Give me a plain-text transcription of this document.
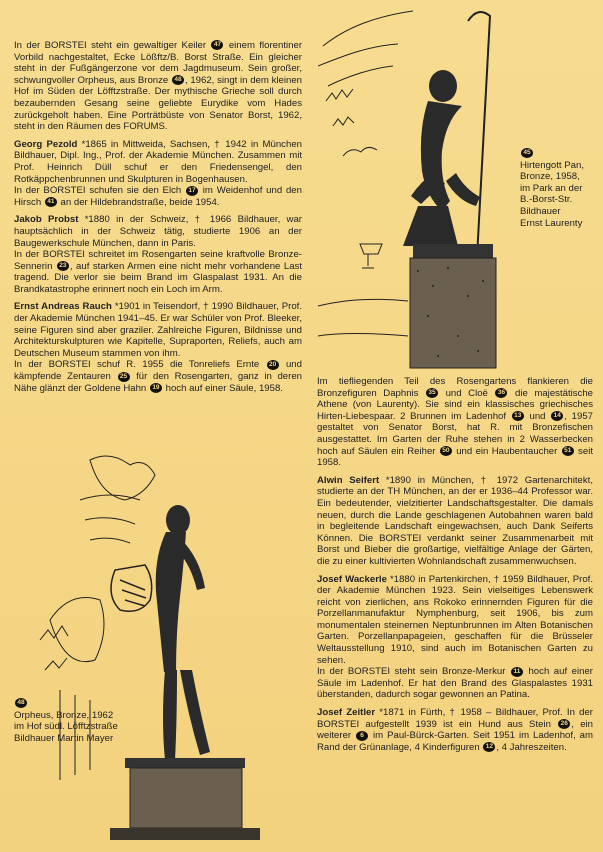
In der BORSTEI steht ein gewaltiger Keiler 47 einem florentiner Vorbild nachgestaltet, Ecke Lößftz/B. Borst Straße. Ein gleicher steht in der Fußgängerzone vor dem Jagdmuseum. Sein großer, schwungvoller Orpheus, aus Bronze 48 , 1962, singt in dem kleinen Hof im Süden der Löfftzstraße. Der mythische Grieche soll durch bezaubernden Gesang seine geliebte Eurydike vom Hades zurückgeholt haben. Eine Porträtbüste von Senator Borst, 1962, steht in den Räumen des FORUMS.

Georg Pezold *1865 in Mittweida, Sachsen, † 1942 in München Bildhauer, Dipl. Ing., Prof. der Akademie München. Zusammen mit Prof. Heinrich Düll schuf er den Friedensengel, den Rotkäppchenbrunnen und Skulpturen in Bogenhausen.
In der BORSTEI schufen sie den Elch 17 im Weidenhof und den Hirsch 41 an der Hildebrandstraße, beide 1954.

Jakob Probst *1880 in der Schweiz, † 1966 Bildhauer, war hauptsächlich in der Schweiz tätig, studierte 1906 an der Baugewerkschule München, dann in Paris.
In der BORSTEI schreitet im Rosengarten seine kraftvolle Bronze-Sennerin 23 , auf starken Armen eine nicht mehr vorhandene Last tragend. Die verlor sie beim Brand im Glaspalast 1931. An die Brandkatastrophe erinnert noch ein Loch im Arm.

Ernst Andreas Rauch *1901 in Teisendorf, † 1990 Bildhauer, Prof. der Akademie München 1941–45. Er war Schüler von Prof. Bleeker, seine Figuren sind aber graziler. Zahlreiche Figuren, Bildnisse und Architekturskulpturen wie Kapitelle, Supraporten, Reliefs, auch am Deutschen Museum stammen von ihm.
In der BORSTEI schuf R. 1955 die Tonreliefs Ernte 20 und kämpfende Zentauren 25 für den Rosengarten, ganz in deren Nähe glänzt der Goldene Hahn 19 hoch auf einer Säule, 1958.

45
Hirtengott Pan,
Bronze, 1958,
im Park an der
B.-Borst-Str.
Bildhauer
Ernst Laurenty
48
Orpheus, Bronze, 1962
im Hof südl. Löfftzstraße
Bildhauer Martin Mayer

Im tiefliegenden Teil des Rosengartens flankieren die Bronzefiguren Daphnis 35 und Cloë 36 die majestätische Athene (von Laurenty). Sie sind ein klassisches griechisches Hirten-Liebespaar. 2 Brunnen im Ladenhof 13 und 14 , 1957 gestaltet von Senator Borst, hat R. mit Bronzefischen ausgestattet. Im Garten der Ruhe stehen in 2 Wasserbecken hoch auf Säulen ein Reiher 50 und ein Haubentaucher 51 seit 1958.

Alwin Seifert *1890 in München, † 1972 Gartenarchitekt, studierte an der TH München, an der er 1936–44 Professor war. Ein bedeutender, vielzitierter Landschaftsgestalter. Die damals neuen, durch die Lande geschlagenen Autobahnen waren bald in begleitende Landschaft eingewachsen, auch Dank Seiferts Können. Die BORSTEI verdankt seiner Zusammenarbeit mit Borst und Bieber die großartige, vielfältige Anlage der Gärten, die zu einer kultivierten Wohnlandschaft zusammenwuchsen.

Josef Wackerle *1880 in Partenkirchen, † 1959 Bildhauer, Prof. der Akademie München 1923. Sein vielseitiges Lebenswerk reicht von zierlichen, ans Rokoko erinnernden Figuren für die Porzellanmanufaktur Nymphenburg, seit 1906, bis zum monumentalen steinernen Neptunbrunnen im Alten Botanischen Garten. Porzellanpapageien, geschaffen für die Brüsseler Weltausstellung 1910, sind auch im Botanischen Garten zu sehen.
In der BORSTEI steht sein Bronze-Merkur 11 hoch auf einer Säule im Ladenhof. Er hat den Brand des Glaspalastes 1931 überstanden, dadurch sogar gewonnen an Patina.

Josef Zeitler *1871 in Fürth, † 1958 – Bildhauer, Prof. In der BORSTEI aufgestellt 1939 ist ein Hund aus Stein 26 , ein weiterer 6 im Paul-Bürck-Garten. Seit 1951 im Ladenhof, am Rand der Grünanlage, 4 Kinderfiguren 12 , 4 Jahreszeiten.
